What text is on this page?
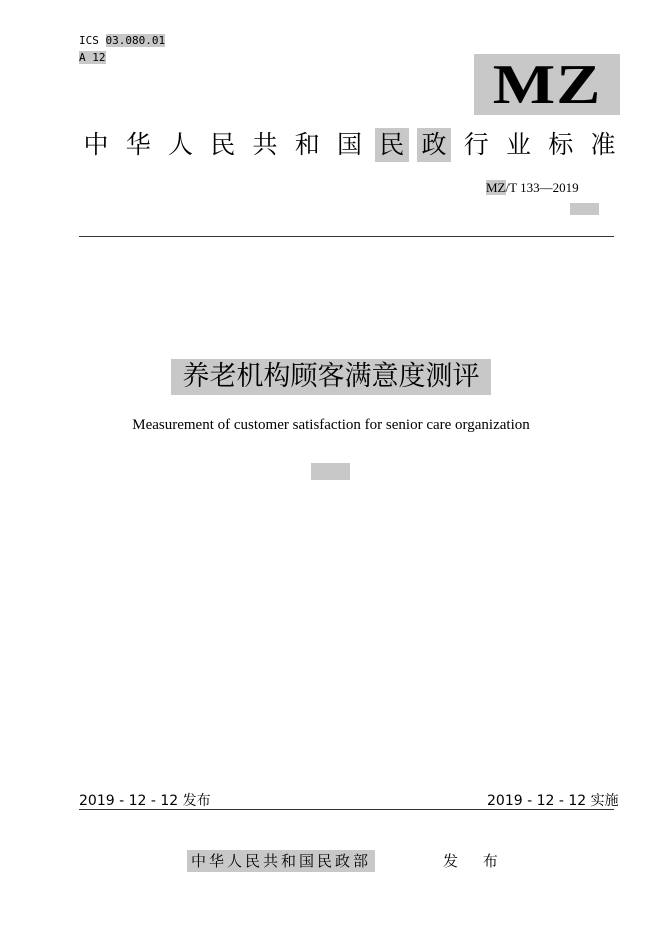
ICS 03.080.01
A 12	MZ
中 华 人 民 共 和 国 民 政 行 业 标 准
MZ/T 133—2019
养老机构顾客满意度测评
Measurement of customer satisfaction for senior care organization
2019 - 12 - 12 发布	2019 - 12 - 12 实施
中华人民共和国民政部	发 布
